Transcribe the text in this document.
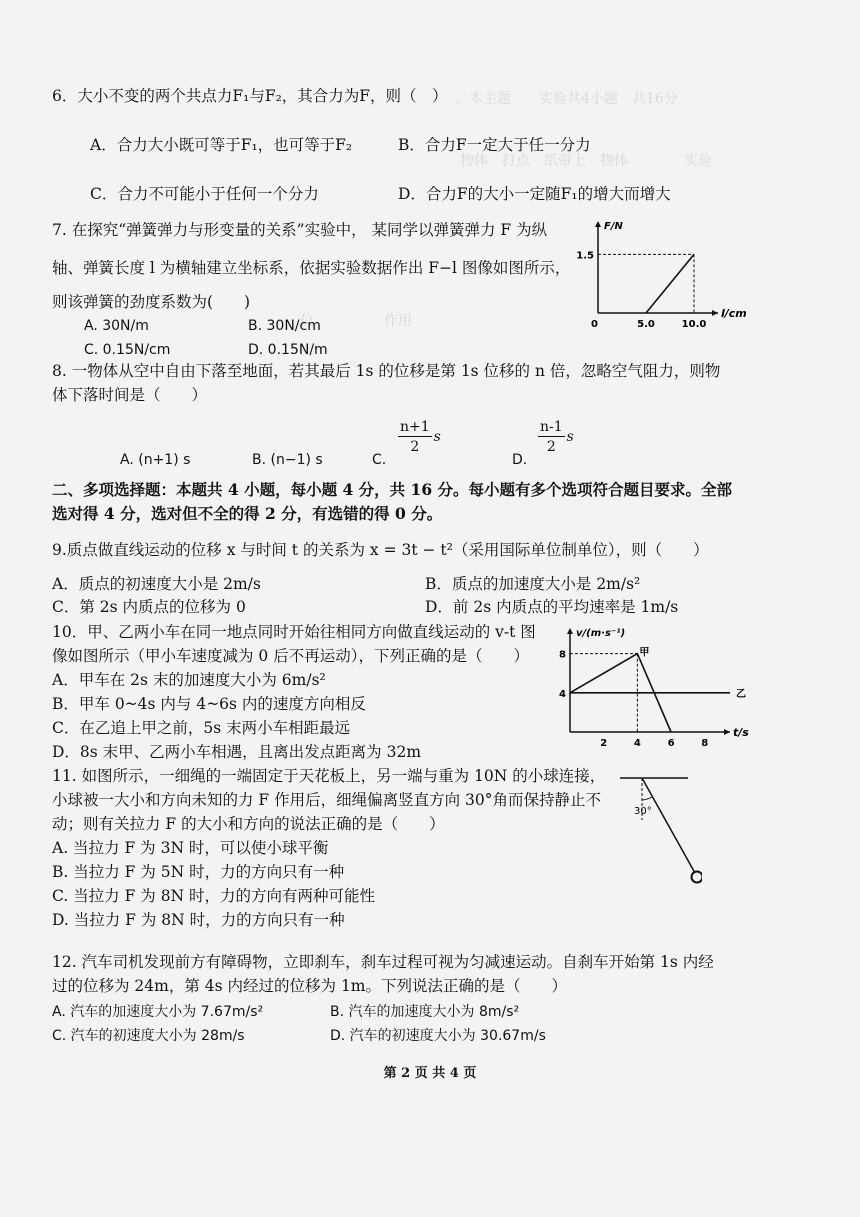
、本主题　　实验共4小题　共16分
物体　打点　纸带上　物体　　　　实验
位　　　　　作用　　　　　　　　　　　
6．大小不变的两个共点力F₁与F₂，其合力为F，则（　）
A．合力大小既可等于F₁，也可等于F₂	B．合力F一定大于任一分力
C．合力不可能小于任何一个分力	D．合力F的大小一定随F₁的增大而增大
7. 在探究“弹簧弹力与形变量的关系”实验中， 某同学以弹簧弹力 F 为纵
轴、弹簧长度 l 为横轴建立坐标系，依据实验数据作出 F−l 图像如图所示，
则该弹簧的劲度系数为(　　)
A. 30N/m	B. 30N/cm
C. 0.15N/cm	D. 0.15N/m
F/N
l/cm
0	5.0	10.0
1.5
8. 一物体从空中自由下落至地面，若其最后 1s 的位移是第 1s 位移的 n 倍，忽略空气阻力，则物
体下落时间是（　　）
A. (n+1) s	B. (n−1) s	C.
n+1
2
s
D.
n-1
2
s
二、多项选择题：本题共 4 小题，每小题 4 分，共 16 分。每小题有多个选项符合题目要求。全部
选对得 4 分，选对但不全的得 2 分，有选错的得 0 分。
9.质点做直线运动的位移 x 与时间 t 的关系为 x = 3t − t²（采用国际单位制单位），则（　　）
A．质点的初速度大小是 2m/s	B．质点的加速度大小是 2m/s²
C．第 2s 内质点的位移为 0	D．前 2s 内质点的平均速率是 1m/s
10．甲、乙两小车在同一地点同时开始往相同方向做直线运动的 v-t 图
像如图所示（甲小车速度减为 0 后不再运动），下列正确的是（　　）
A．甲车在 2s 末的加速度大小为 6m/s²
B．甲车 0~4s 内与 4~6s 内的速度方向相反
C．在乙追上甲之前，5s 末两小车相距最远
D．8s 末甲、乙两小车相遇，且离出发点距离为 32m
v/(m·s⁻¹)
t/s
2	4	6	8
4
8	甲
乙
11. 如图所示，一细绳的一端固定于天花板上，另一端与重为 10N 的小球连接，
小球被一大小和方向未知的力 F 作用后，细绳偏离竖直方向 30°角而保持静止不
动；则有关拉力 F 的大小和方向的说法正确的是（　　）
A. 当拉力 F 为 3N 时，可以使小球平衡
B. 当拉力 F 为 5N 时，力的方向只有一种
C. 当拉力 F 为 8N 时，力的方向有两种可能性
D. 当拉力 F 为 8N 时，力的方向只有一种
30°
12. 汽车司机发现前方有障碍物，立即刹车，刹车过程可视为匀减速运动。自刹车开始第 1s 内经
过的位移为 24m，第 4s 内经过的位移为 1m。下列说法正确的是（　　）
A. 汽车的加速度大小为 7.67m/s²	B. 汽车的加速度大小为 8m/s²
C. 汽车的初速度大小为 28m/s	D. 汽车的初速度大小为 30.67m/s
第 2 页 共 4 页
